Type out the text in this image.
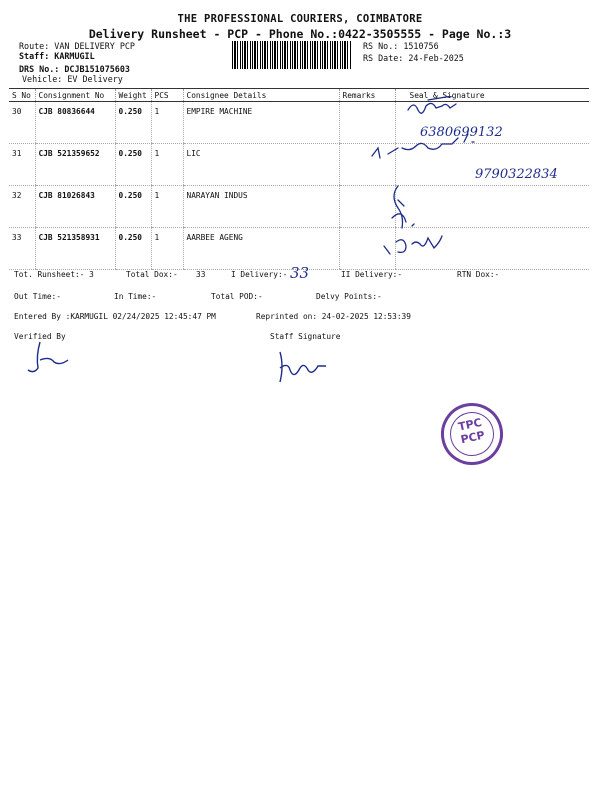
THE PROFESSIONAL COURIERS, COIMBATORE
Delivery Runsheet - PCP - Phone No.:0422-3505555 - Page No.:3
Route: VAN DELIVERY PCP
Staff: KARMUGIL
DRS No.: DCJB151075603
Vehicle: EV Delivery
RS No.: 1510756
RS Date: 24-Feb-2025
S No	Consignment No	Weight	PCS	Consignee Details	Remarks	Seal & Signature
30	CJB 80836644	0.250	1	EMPIRE MACHINE		
31	CJB 521359652	0.250	1	LIC		
32	CJB 81026843	0.250	1	NARAYAN INDUS		
33	CJB 521358931	0.250	1	AARBEE AGENG		
6380699132
9790322834
Tot. Runsheet:- 3	Total Dox:- 33	I Delivery:- 33	II Delivery:-	RTN Dox:-
Out Time:-	In Time:-	Total POD:-	Delvy Points:-
Entered By :KARMUGIL 02/24/2025 12:45:47 PM	Reprinted on: 24-02-2025 12:53:39
Verified By	Staff Signature
TPC
PCP
